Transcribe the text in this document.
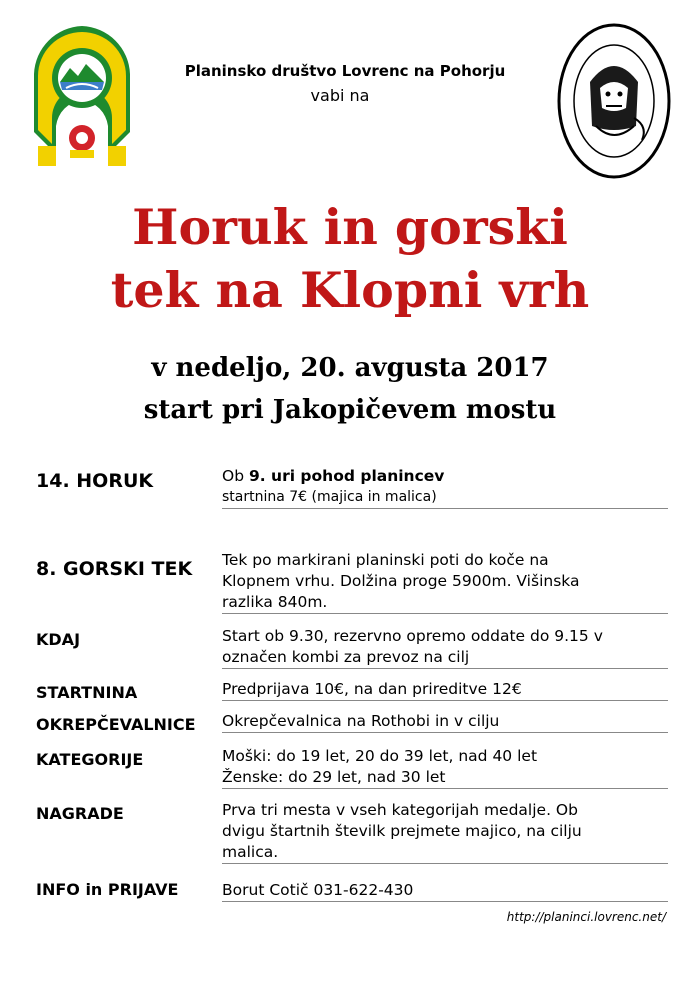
Planinsko društvo Lovrenc na Pohorju
vabi na
Horuk in gorski
tek na Klopni vrh
v nedeljo, 20. avgusta 2017
start pri Jakopičevem mostu
14. HORUK	Ob 9. uri pohod planincev
startnina 7€ (majica in malica)
8. GORSKI TEK Tek po markirani planinski poti do koče na
Klopnem vrhu. Dolžina proge 5900m. Višinska
razlika 840m.
KDAJ	Start ob 9.30, rezervno opremo oddate do 9.15 v
označen kombi za prevoz na cilj
STARTNINA	Predprijava 10€, na dan prireditve 12€
OKREPČEVALNICE Okrepčevalnica na Rothobi in v cilju
KATEGORIJE	Moški: do 19 let, 20 do 39 let, nad 40 let
Ženske: do 29 let, nad 30 let
NAGRADE	Prva tri mesta v vseh kategorijah medalje. Ob
dvigu štartnih številk prejmete majico, na cilju
malica.
INFO in PRIJAVE	Borut Cotič 031-622-430
http://planinci.lovrenc.net/
